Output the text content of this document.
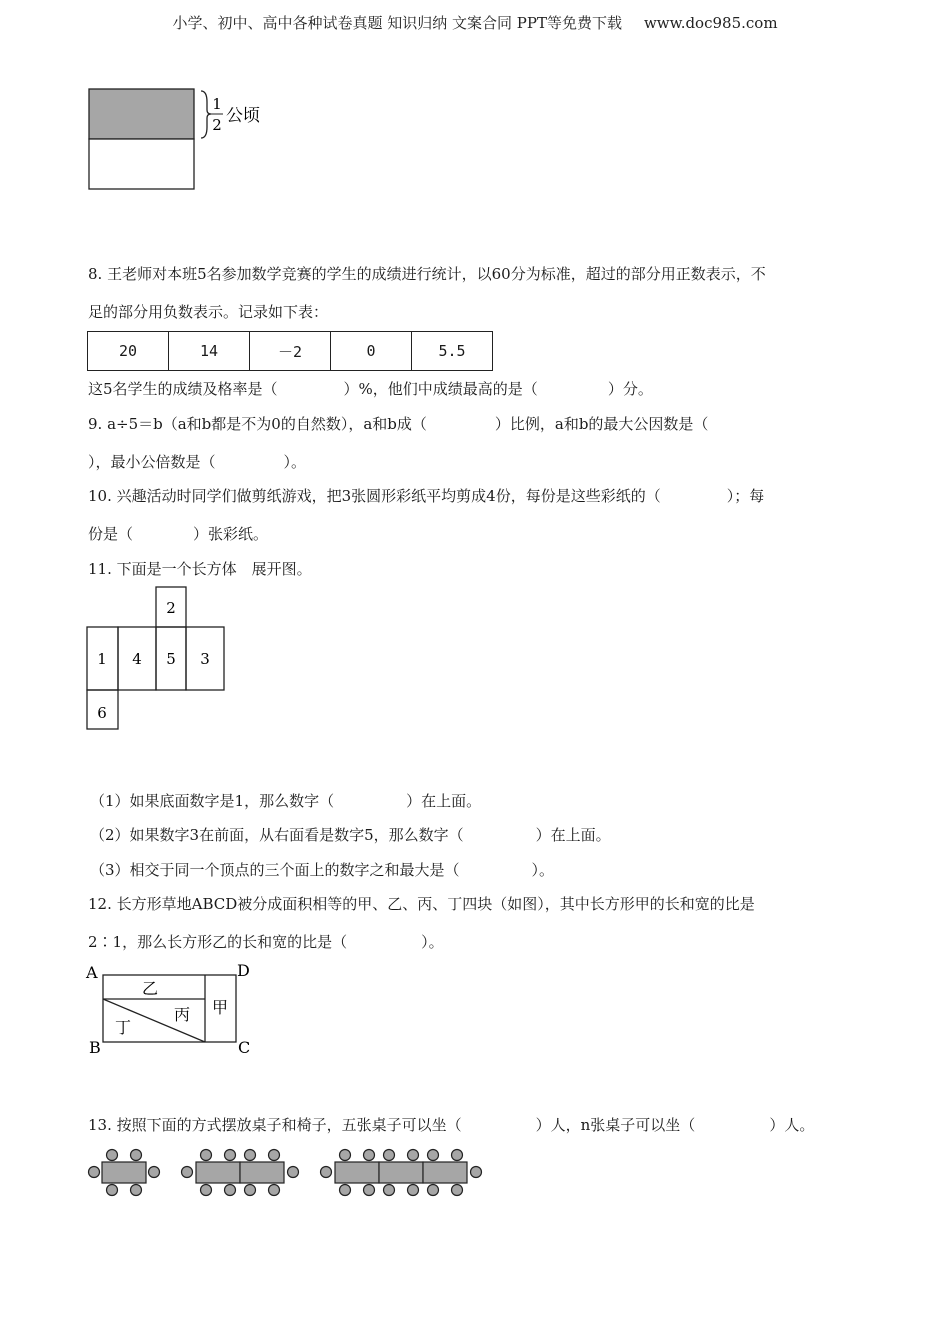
小学、初中、高中各种试卷真题 知识归纳 文案合同 PPT等免费下载 www.doc985.com
1
2 公顷
8. 王老师对本班5名参加数学竞赛的学生的成绩进行统计，以60分为标准，超过的部分用正数表示，不
足的部分用负数表示。记录如下表：
20	14	－2	0	5.5
这5名学生的成绩及格率是（	）%，他们中成绩最高的是（	）分。
9. a÷5＝b（a和b都是不为0的自然数），a和b成（	）比例，a和b的最大公因数是（
），最小公倍数是（	）。
10. 兴趣活动时同学们做剪纸游戏，把3张圆形彩纸平均剪成4份，每份是这些彩纸的（	）；每
份是（	）张彩纸。
11. 下面是一个长方体　展开图。
2
1 4 5 3
6
（1）如果底面数字是1，那么数字（	）在上面。
（2）如果数字3在前面，从右面看是数字5，那么数字（	）在上面。
（3）相交于同一个顶点的三个面上的数字之和最大是（	）。
12. 长方形草地ABCD被分成面积相等的甲、乙、丙、丁四块（如图），其中长方形甲的长和宽的比是
2∶1，那么长方形乙的长和宽的比是（	）。
A	D
B	C
甲
乙
丙
丁
13. 按照下面的方式摆放桌子和椅子，五张桌子可以坐（	）人，n张桌子可以坐（	）人。
